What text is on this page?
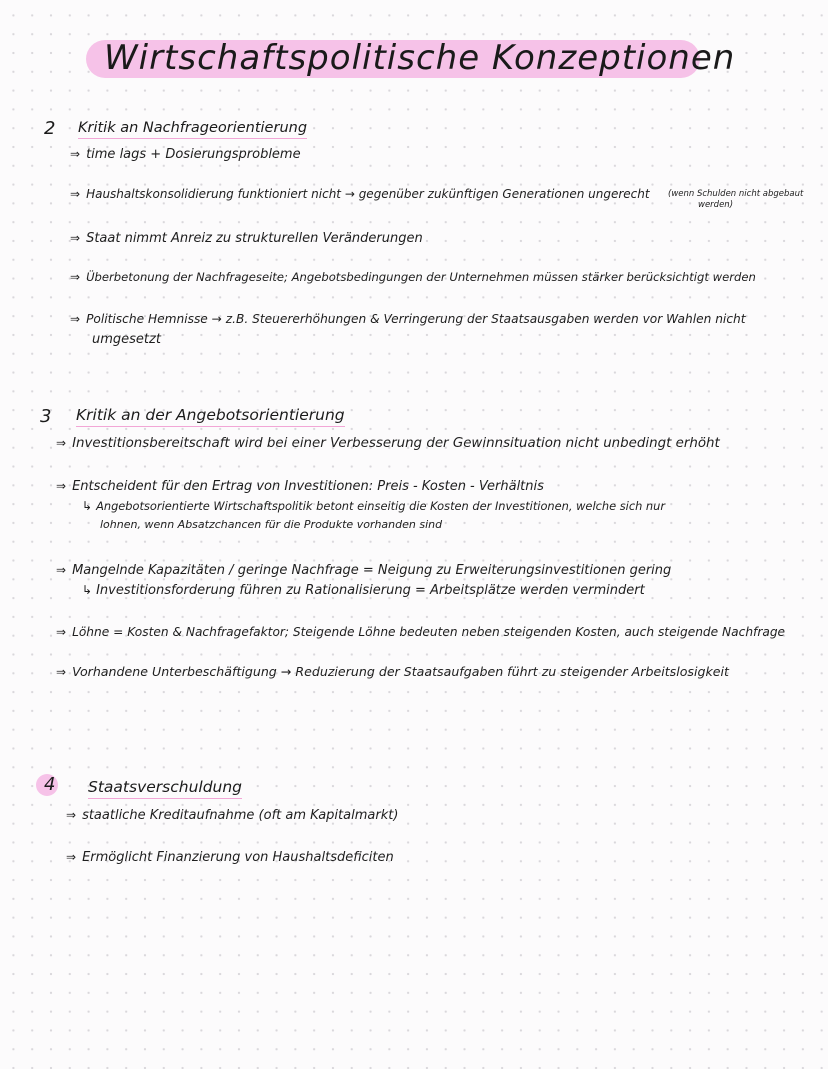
Wirtschaftspolitische Konzeptionen
2 Kritik an Nachfrageorientierung
⇒ time lags + Dosierungsprobleme
⇒ Haushaltskonsolidierung funktioniert nicht → gegenüber zukünftigen Generationen ungerecht (wenn Schulden nicht abgebaut
werden)
⇒ Staat nimmt Anreiz zu strukturellen Veränderungen
⇒ Überbetonung der Nachfrageseite; Angebotsbedingungen der Unternehmen müssen stärker berücksichtigt werden
⇒ Politische Hemnisse → z.B. Steuererhöhungen & Verringerung der Staatsausgaben werden vor Wahlen nicht
umgesetzt
3 Kritik an der Angebotsorientierung
⇒ Investitionsbereitschaft wird bei einer Verbesserung der Gewinnsituation nicht unbedingt erhöht
⇒ Entscheident für den Ertrag von Investitionen: Preis - Kosten - Verhältnis
↳ Angebotsorientierte Wirtschaftspolitik betont einseitig die Kosten der Investitionen, welche sich nur
lohnen, wenn Absatzchancen für die Produkte vorhanden sind
⇒ Mangelnde Kapazitäten / geringe Nachfrage = Neigung zu Erweiterungsinvestitionen gering
↳ Investitionsforderung führen zu Rationalisierung = Arbeitsplätze werden vermindert
⇒ Löhne = Kosten & Nachfragefaktor; Steigende Löhne bedeuten neben steigenden Kosten, auch steigende Nachfrage
⇒ Vorhandene Unterbeschäftigung → Reduzierung der Staatsaufgaben führt zu steigender Arbeitslosigkeit
4 Staatsverschuldung
⇒ staatliche Kreditaufnahme (oft am Kapitalmarkt)
⇒ Ermöglicht Finanzierung von Haushaltsdeficiten
